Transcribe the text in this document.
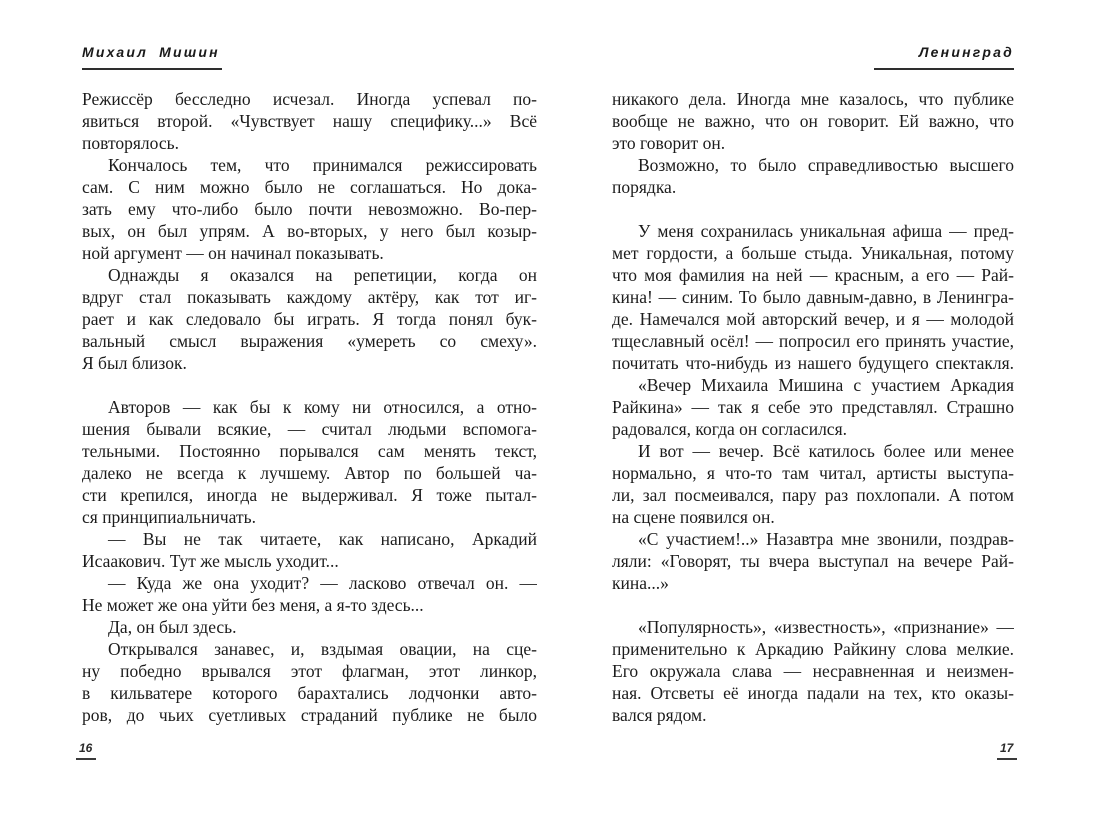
Михаил Мишин	Ленинград
Режиссёр бесследно исчезал. Иногда успевал по-
явиться второй. «Чувствует нашу специфику...» Всё
повторялось.
Кончалось тем, что принимался режиссировать
сам. С ним можно было не соглашаться. Но дока-
зать ему что-либо было почти невозможно. Во-пер-
вых, он был упрям. А во-вторых, у него был козыр-
ной аргумент — он начинал показывать.
Однажды я оказался на репетиции, когда он
вдруг стал показывать каждому актёру, как тот иг-
рает и как следовало бы играть. Я тогда понял бук-
вальный смысл выражения «умереть со смеху».
Я был близок.
Авторов — как бы к кому ни относился, а отно-
шения бывали всякие, — считал людьми вспомога-
тельными. Постоянно порывался сам менять текст,
далеко не всегда к лучшему. Автор по большей ча-
сти крепился, иногда не выдерживал. Я тоже пытал-
ся принципиальничать.
— Вы не так читаете, как написано, Аркадий
Исаакович. Тут же мысль уходит...
— Куда же она уходит? — ласково отвечал он. —
Не может же она уйти без меня, а я-то здесь...
Да, он был здесь.
Открывался занавес, и, вздымая овации, на сце-
ну победно врывался этот флагман, этот линкор,
в кильватере которого барахтались лодчонки авто-
ров, до чьих суетливых страданий публике не было
никакого дела. Иногда мне казалось, что публике
вообще не важно, что он говорит. Ей важно, что
это говорит он.
Возможно, то было справедливостью высшего
порядка.
У меня сохранилась уникальная афиша — пред-
мет гордости, а больше стыда. Уникальная, потому
что моя фамилия на ней — красным, а его — Рай-
кина! — синим. То было давным-давно, в Ленингра-
де. Намечался мой авторский вечер, и я — молодой
тщеславный осёл! — попросил его принять участие,
почитать что-нибудь из нашего будущего спектакля.
«Вечер Михаила Мишина с участием Аркадия
Райкина» — так я себе это представлял. Страшно
радовался, когда он согласился.
И вот — вечер. Всё катилось более или менее
нормально, я что-то там читал, артисты выступа-
ли, зал посмеивался, пару раз похлопали. А потом
на сцене появился он.
«С участием!..» Назавтра мне звонили, поздрав-
ляли: «Говорят, ты вчера выступал на вечере Рай-
кина...»
«Популярность», «известность», «признание» —
применительно к Аркадию Райкину слова мелкие.
Его окружала слава — несравненная и неизмен-
ная. Отсветы её иногда падали на тех, кто оказы-
вался рядом.
16	17
